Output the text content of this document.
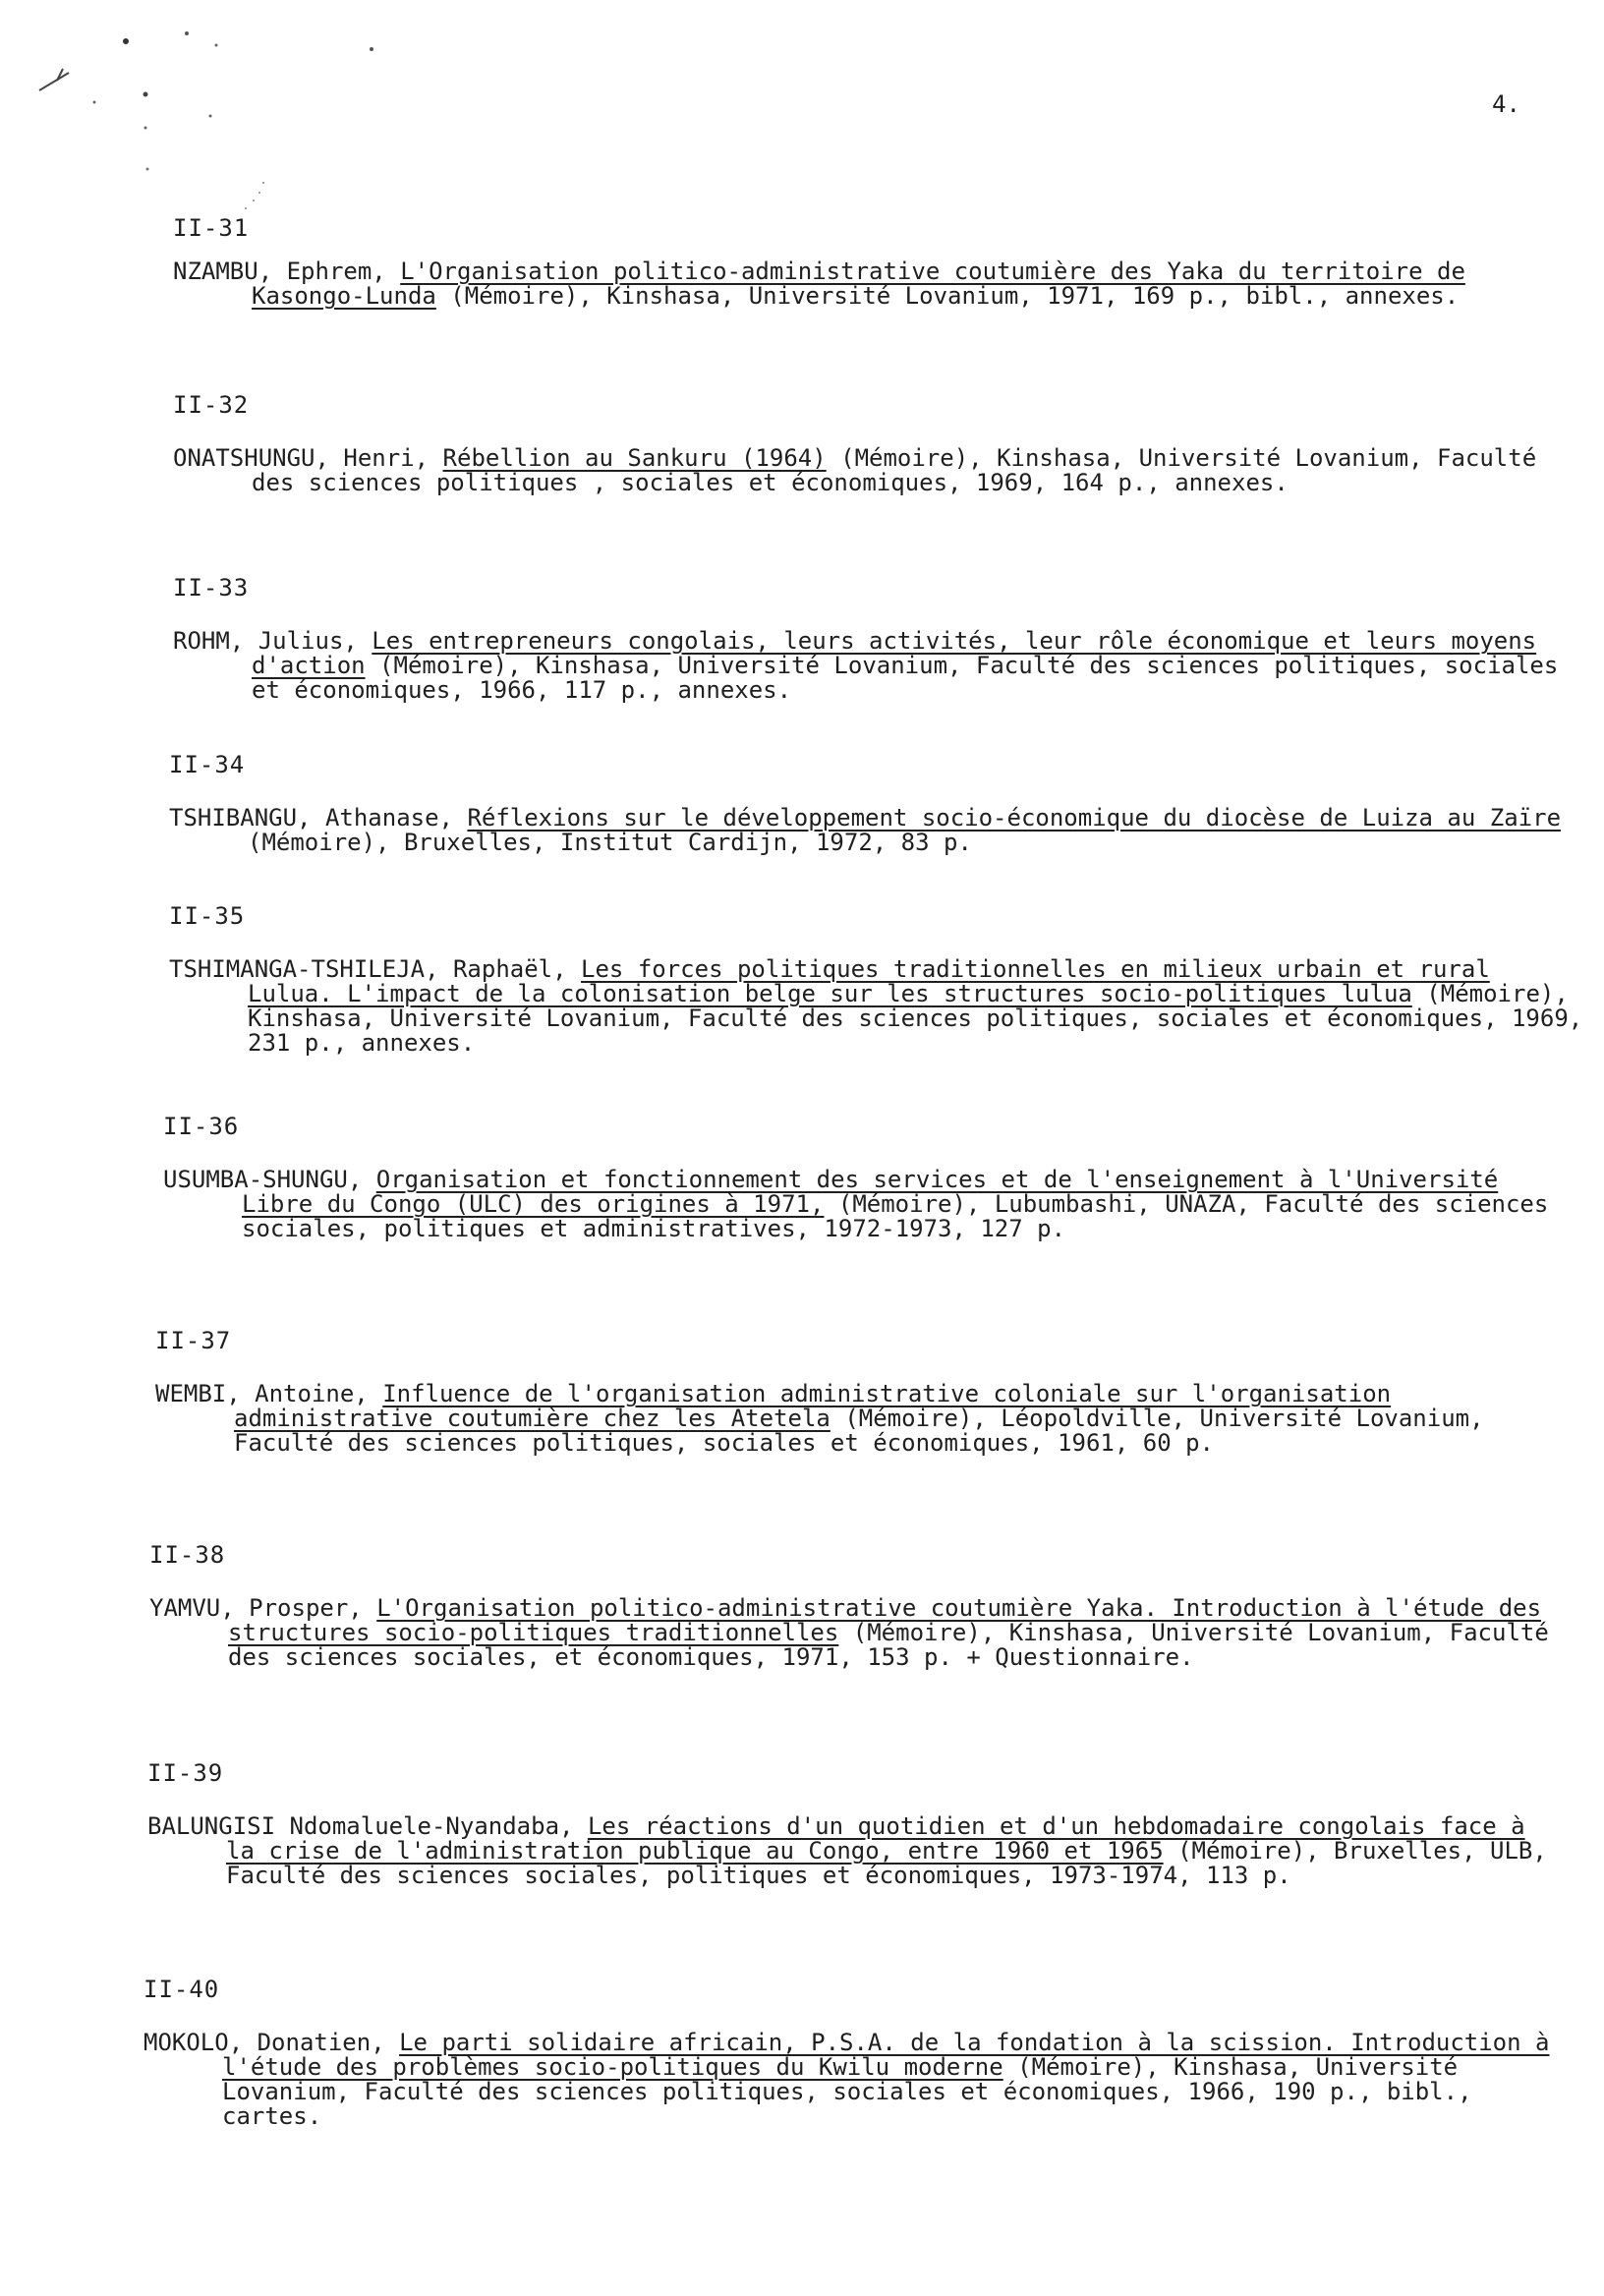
4.
II-31
NZAMBU, Ephrem, L'Organisation politico-administrative coutumière des Yaka du territoire de Kasongo-Lunda (Mémoire), Kinshasa, Université Lovanium, 1971, 169 p., bibl., annexes.
II-32
ONATSHUNGU, Henri, Rébellion au Sankuru (1964) (Mémoire), Kinshasa, Université Lovanium, Faculté des sciences politiques , sociales et économiques, 1969, 164 p., annexes.
II-33
ROHM, Julius, Les entrepreneurs congolais, leurs activités, leur rôle économique et leurs moyens d'action (Mémoire), Kinshasa, Université Lovanium, Faculté des sciences politiques, sociales et économiques, 1966, 117 p., annexes.
II-34
TSHIBANGU, Athanase, Réflexions sur le développement socio-économique du diocèse de Luiza au Zaïre (Mémoire), Bruxelles, Institut Cardijn, 1972, 83 p.
II-35
TSHIMANGA-TSHILEJA, Raphaël, Les forces politiques traditionnelles en milieux urbain et rural Lulua. L'impact de la colonisation belge sur les structures socio-politiques lulua (Mémoire), Kinshasa, Université Lovanium, Faculté des sciences politiques, sociales et économiques, 1969, 231 p., annexes.
II-36
USUMBA-SHUNGU, Organisation et fonctionnement des services et de l'enseignement à l'Université Libre du Congo (ULC) des origines à 1971, (Mémoire), Lubumbashi, UNAZA, Faculté des sciences sociales, politiques et administratives, 1972-1973, 127 p.
II-37
WEMBI, Antoine, Influence de l'organisation administrative coloniale sur l'organisation administrative coutumière chez les Atetela (Mémoire), Léopoldville, Université Lovanium, Faculté des sciences politiques, sociales et économiques, 1961, 60 p.
II-38
YAMVU, Prosper, L'Organisation politico-administrative coutumière Yaka. Introduction à l'étude des structures socio-politiques traditionnelles (Mémoire), Kinshasa, Université Lovanium, Faculté des sciences sociales, et économiques, 1971, 153 p. + Questionnaire.
II-39
BALUNGISI Ndomaluele-Nyandaba, Les réactions d'un quotidien et d'un hebdomadaire congolais face à la crise de l'administration publique au Congo, entre 1960 et 1965 (Mémoire), Bruxelles, ULB, Faculté des sciences sociales, politiques et économiques, 1973-1974, 113 p.
II-40
MOKOLO, Donatien, Le parti solidaire africain, P.S.A. de la fondation à la scission. Introduction à l'étude des problèmes socio-politiques du Kwilu moderne (Mémoire), Kinshasa, Université Lovanium, Faculté des sciences politiques, sociales et économiques, 1966, 190 p., bibl., cartes.
